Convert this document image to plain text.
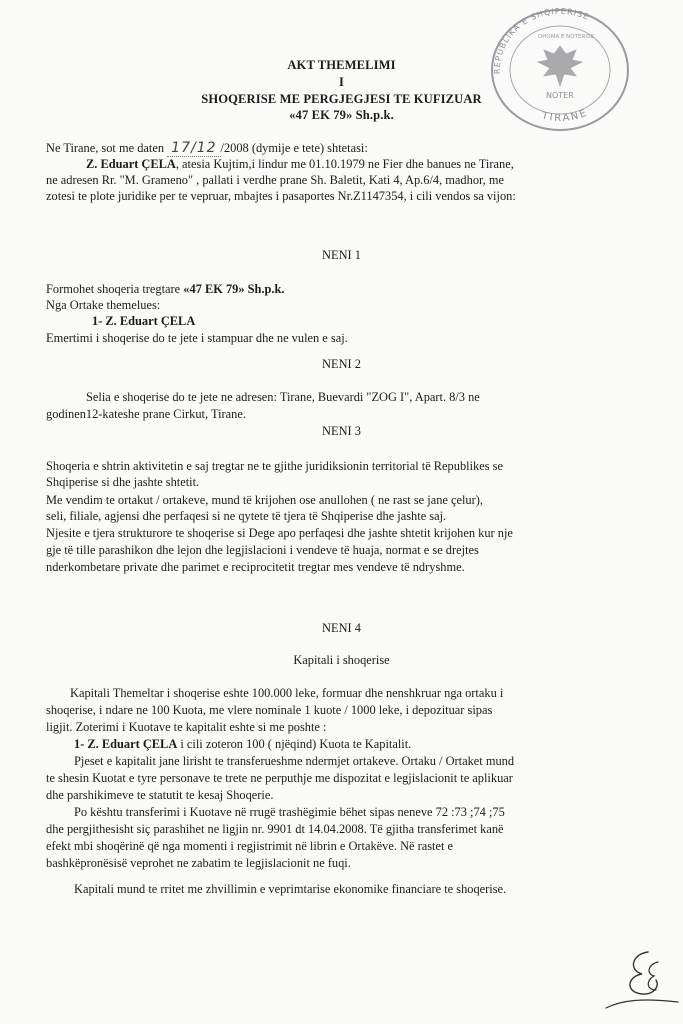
REPUBLIKA E SHQIPERISE
DHOMA E NOTERISE
NOTER
TIRANE
AKT THEMELIMI
I
SHOQERISE ME PERGJEGJESI TE KUFIZUAR
«47 EK 79» Sh.p.k.
Ne Tirane, sot me daten 17/12 /2008 (dymije e tete) shtetasi:
Z. Eduart ÇELA, atesia Kujtim,i lindur me 01.10.1979 ne Fier dhe banues ne Tirane,
ne adresen Rr. "M. Grameno" , pallati i verdhe prane Sh. Baletit, Kati 4, Ap.6/4, madhor, me
zotesi te plote juridike per te vepruar, mbajtes i pasaportes Nr.Z1147354, i cili vendos sa vijon:
NENI 1
Formohet shoqeria tregtare «47 EK 79» Sh.p.k.
Nga Ortake themelues:
1- Z. Eduart ÇELA
Emertimi i shoqerise do te jete i stampuar dhe ne vulen e saj.
NENI 2
Selia e shoqerise do te jete ne adresen: Tirane, Buevardi "ZOG I", Apart. 8/3 ne
godinen12-kateshe prane Cirkut, Tirane.
NENI 3
Shoqeria e shtrin aktivitetin e saj tregtar ne te gjithe juridiksionin territorial të Republikes se
Shqiperise si dhe jashte shtetit.
Me vendim te ortakut / ortakeve, mund të krijohen ose anullohen ( ne rast se jane çelur),
seli, filiale, agjensi dhe perfaqesi si ne qytete të tjera të Shqiperise dhe jashte saj.
Njesite e tjera strukturore te shoqerise si Dege apo perfaqesi dhe jashte shtetit krijohen kur nje
gje të tille parashikon dhe lejon dhe legjislacioni i vendeve të huaja, normat e se drejtes
nderkombetare private dhe parimet e reciprocitetit tregtar mes vendeve të ndryshme.
NENI 4
Kapitali i shoqerise
Kapitali Themeltar i shoqerise eshte 100.000 leke, formuar dhe nenshkruar nga ortaku i
shoqerise, i ndare ne 100 Kuota, me vlere nominale 1 kuote / 1000 leke, i depozituar sipas
ligjit. Zoterimi i Kuotave te kapitalit eshte si me poshte :
1- Z. Eduart ÇELA i cili zoteron 100 ( njëqind) Kuota te Kapitalit.
Pjeset e kapitalit jane lirisht te transferueshme ndermjet ortakeve. Ortaku / Ortaket mund
te shesin Kuotat e tyre personave te trete ne perputhje me dispozitat e legjislacionit te aplikuar
dhe parshikimeve te statutit te kesaj Shoqerie.
Po kështu transferimi i Kuotave në rrugë trashëgimie bëhet sipas neneve 72 :73 ;74 ;75
dhe pergjithesisht siç parashihet ne ligjin nr. 9901 dt 14.04.2008. Të gjitha transferimet kanë
efekt mbi shoqërinë që nga momenti i regjistrimit në librin e Ortakëve. Në rastet e
bashkëpronësisë veprohet ne zabatim te legjislacionit ne fuqi.
Kapitali mund te rritet me zhvillimin e veprimtarise ekonomike financiare te shoqerise.
